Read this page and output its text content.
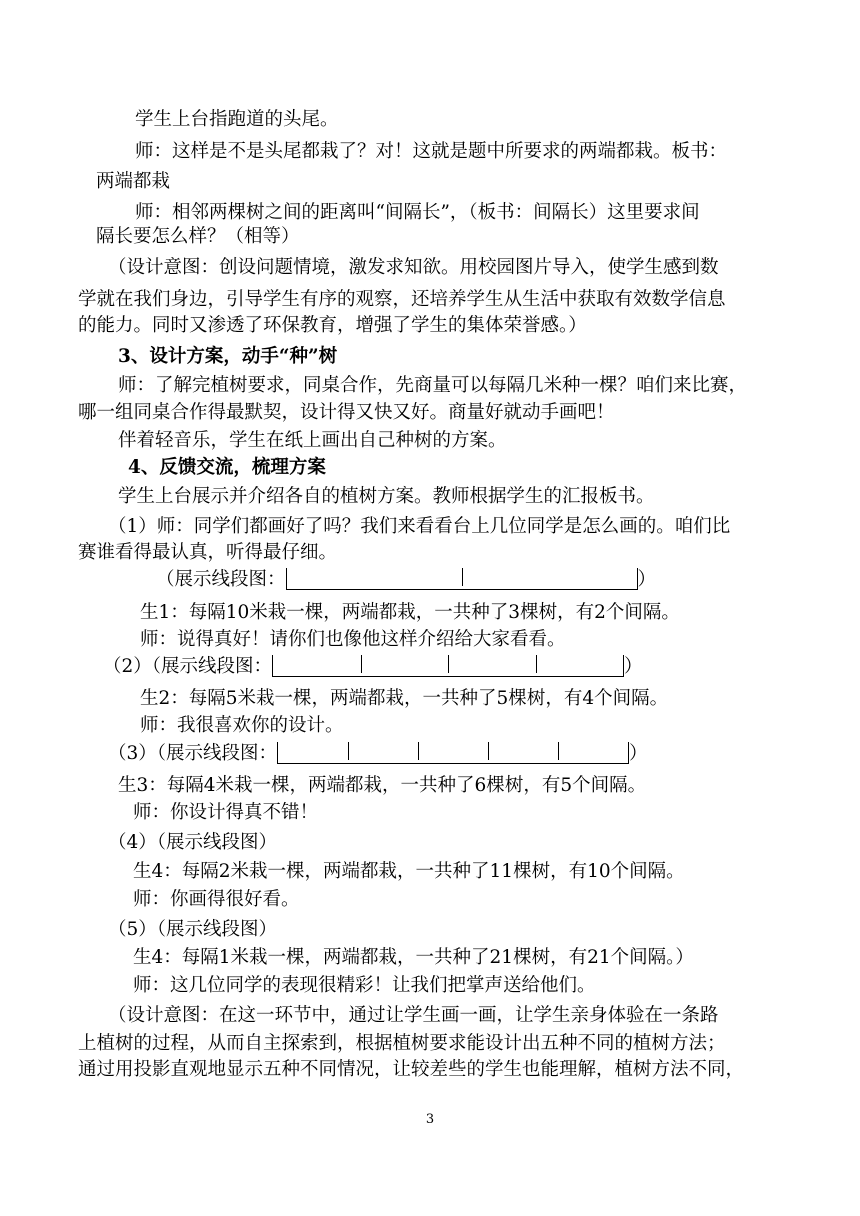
学生上台指跑道的头尾。
师：这样是不是头尾都栽了？对！这就是题中所要求的两端都栽。板书：
两端都栽
师：相邻两棵树之间的距离叫“间隔长”，（板书：间隔长）这里要求间
隔长要怎么样？（相等）
（设计意图：创设问题情境，激发求知欲。用校园图片导入，使学生感到数
学就在我们身边，引导学生有序的观察，还培养学生从生活中获取有效数学信息
的能力。同时又渗透了环保教育，增强了学生的集体荣誉感。）
3、设计方案，动手“种”树
师：了解完植树要求，同桌合作，先商量可以每隔几米种一棵？咱们来比赛，
哪一组同桌合作得最默契，设计得又快又好。商量好就动手画吧！
伴着轻音乐，学生在纸上画出自己种树的方案。
4、反馈交流，梳理方案
学生上台展示并介绍各自的植树方案。教师根据学生的汇报板书。
（1）师：同学们都画好了吗？我们来看看台上几位同学是怎么画的。咱们比
赛谁看得最认真，听得最仔细。
（展示线段图：	）
生1：每隔10米栽一棵，两端都栽，一共种了3棵树，有2个间隔。
师：说得真好！请你们也像他这样介绍给大家看看。
（2）（展示线段图：	）
生2：每隔5米栽一棵，两端都栽，一共种了5棵树，有4个间隔。
师：我很喜欢你的设计。
（3）（展示线段图：	）
生3：每隔4米栽一棵，两端都栽，一共种了6棵树，有5个间隔。
师：你设计得真不错！
（4）（展示线段图）
生4：每隔2米栽一棵，两端都栽，一共种了11棵树，有10个间隔。
师：你画得很好看。
（5）（展示线段图）
生4：每隔1米栽一棵，两端都栽，一共种了21棵树，有21个间隔。）
师：这几位同学的表现很精彩！让我们把掌声送给他们。
（设计意图：在这一环节中，通过让学生画一画，让学生亲身体验在一条路
上植树的过程，从而自主探索到，根据植树要求能设计出五种不同的植树方法；
通过用投影直观地显示五种不同情况，让较差些的学生也能理解，植树方法不同，
3
